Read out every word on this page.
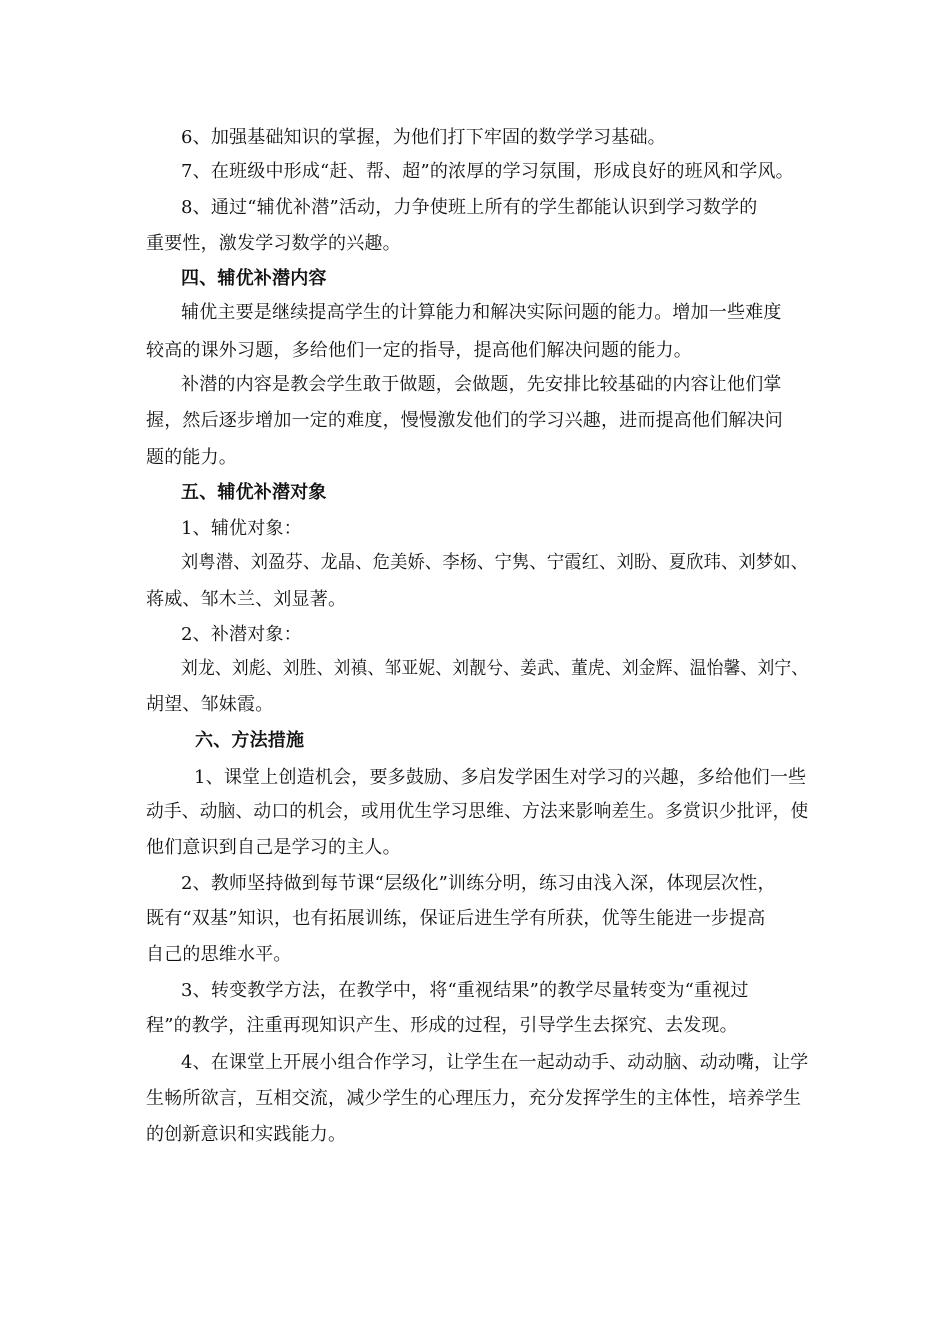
6、加强基础知识的掌握，为他们打下牢固的数学学习基础。
7、在班级中形成“赶、帮、超”的浓厚的学习氛围，形成良好的班风和学风。
8、通过“辅优补潜”活动，力争使班上所有的学生都能认识到学习数学的
重要性，激发学习数学的兴趣。
四、辅优补潜内容
辅优主要是继续提高学生的计算能力和解决实际问题的能力。增加一些难度
较高的课外习题，多给他们一定的指导，提高他们解决问题的能力。
补潜的内容是教会学生敢于做题，会做题，先安排比较基础的内容让他们掌
握，然后逐步增加一定的难度，慢慢激发他们的学习兴趣，进而提高他们解决问
题的能力。
五、辅优补潜对象
1、辅优对象：
刘粤潜、刘盈芬、龙晶、危美娇、李杨、宁隽、宁霞红、刘盼、夏欣玮、刘梦如、
蒋威、邹木兰、刘显著。
2、补潜对象：
刘龙、刘彪、刘胜、刘禛、邹亚妮、刘靓兮、姜武、董虎、刘金辉、温怡馨、刘宁、
胡望、邹妹霞。
六、方法措施
1、课堂上创造机会，要多鼓励、多启发学困生对学习的兴趣，多给他们一些
动手、动脑、动口的机会，或用优生学习思维、方法来影响差生。多赏识少批评，使
他们意识到自己是学习的主人。
2、教师坚持做到每节课“层级化”训练分明，练习由浅入深，体现层次性，
既有“双基”知识，也有拓展训练，保证后进生学有所获，优等生能进一步提高
自己的思维水平。
3、转变教学方法，在教学中，将“重视结果”的教学尽量转变为“重视过
程”的教学，注重再现知识产生、形成的过程，引导学生去探究、去发现。
4、在课堂上开展小组合作学习，让学生在一起动动手、动动脑、动动嘴，让学
生畅所欲言，互相交流，减少学生的心理压力，充分发挥学生的主体性，培养学生
的创新意识和实践能力。
